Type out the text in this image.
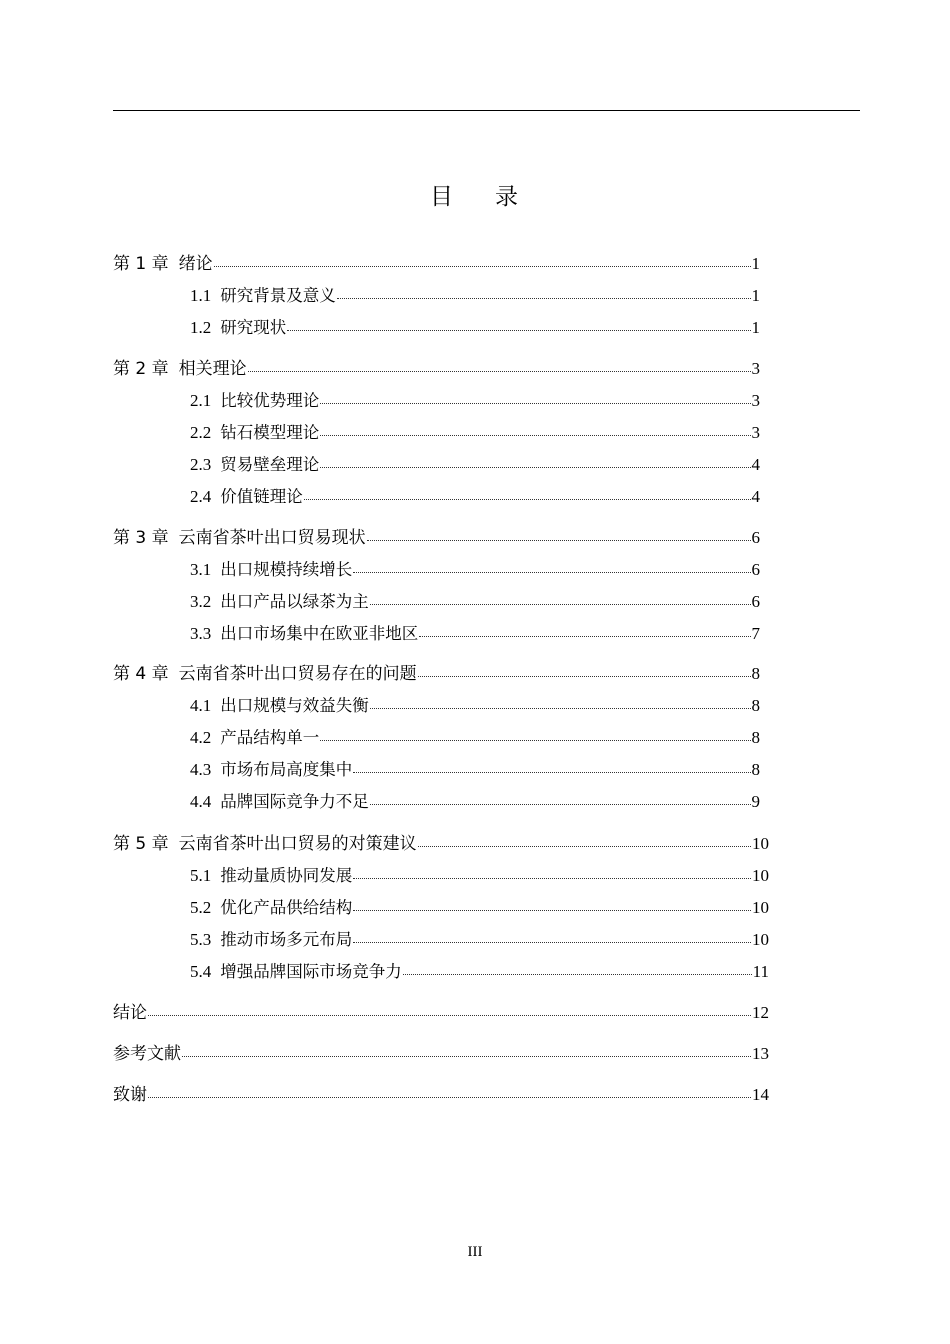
目 录
第 1 章 绪论	1
1.1 研究背景及意义	1
1.2 研究现状	1
第 2 章 相关理论	3
2.1 比较优势理论	3
2.2 钻石模型理论	3
2.3 贸易壁垒理论	4
2.4 价值链理论	4
第 3 章 云南省茶叶出口贸易现状	6
3.1 出口规模持续增长	6
3.2 出口产品以绿茶为主	6
3.3 出口市场集中在欧亚非地区	7
第 4 章 云南省茶叶出口贸易存在的问题	8
4.1 出口规模与效益失衡	8
4.2 产品结构单一	8
4.3 市场布局高度集中	8
4.4 品牌国际竞争力不足	9
第 5 章 云南省茶叶出口贸易的对策建议	10
5.1 推动量质协同发展	10
5.2 优化产品供给结构	10
5.3 推动市场多元布局	10
5.4 增强品牌国际市场竞争力	11
结论	12
参考文献	13
致谢	14
III
